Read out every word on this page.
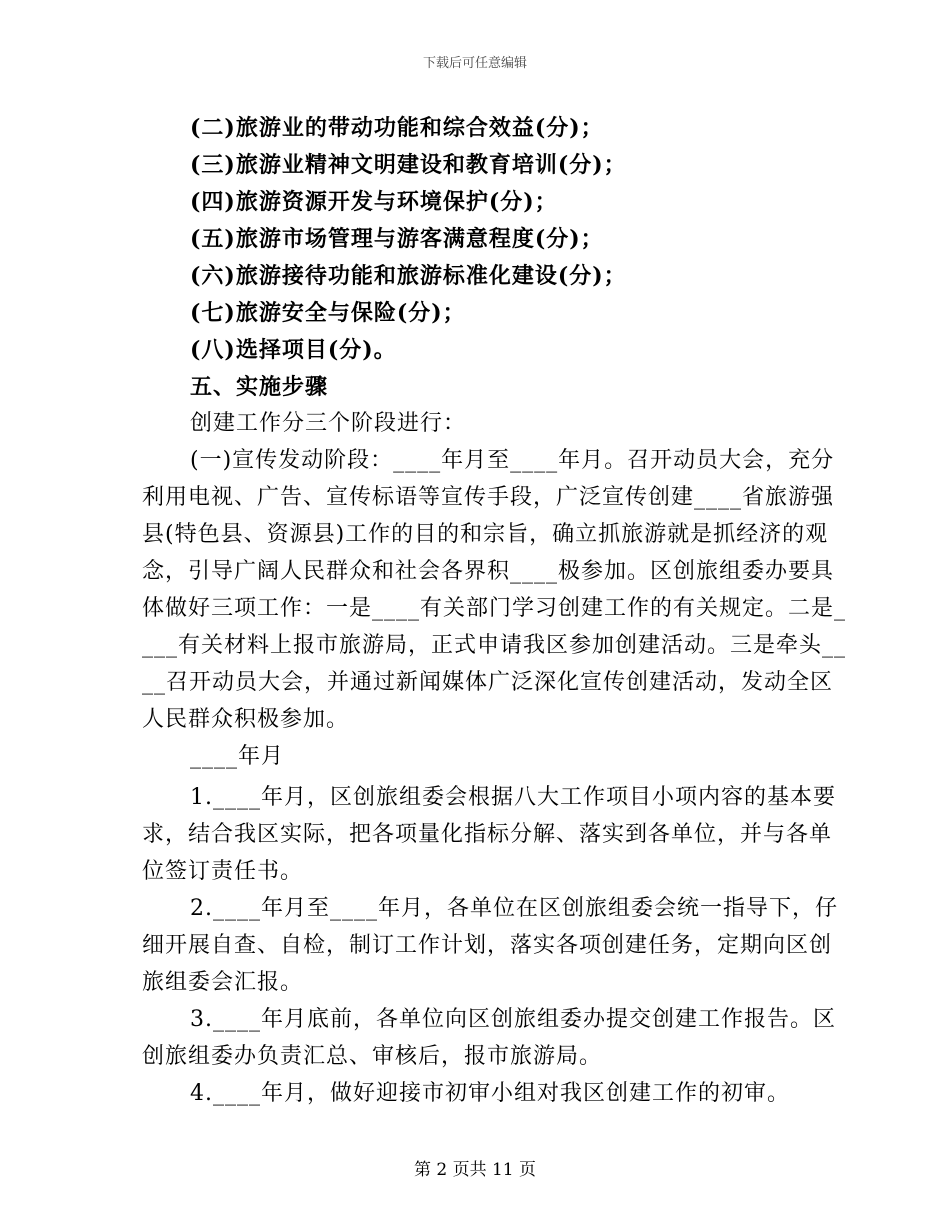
下载后可任意编辑
(二)旅游业的带动功能和综合效益(分)；
(三)旅游业精神文明建设和教育培训(分)；
(四)旅游资源开发与环境保护(分)；
(五)旅游市场管理与游客满意程度(分)；
(六)旅游接待功能和旅游标准化建设(分)；
(七)旅游安全与保险(分)；
(八)选择项目(分)。
五、实施步骤
创建工作分三个阶段进行：
(一)宣传发动阶段：____年月至____年月。召开动员大会，充分
利用电视、广告、宣传标语等宣传手段，广泛宣传创建____省旅游强
县(特色县、资源县)工作的目的和宗旨，确立抓旅游就是抓经济的观
念，引导广阔人民群众和社会各界积____极参加。区创旅组委办要具
体做好三项工作：一是____有关部门学习创建工作的有关规定。二是_
___有关材料上报市旅游局，正式申请我区参加创建活动。三是牵头__
__召开动员大会，并通过新闻媒体广泛深化宣传创建活动，发动全区
人民群众积极参加。
____年月
1.____年月，区创旅组委会根据八大工作项目小项内容的基本要
求，结合我区实际，把各项量化指标分解、落实到各单位，并与各单
位签订责任书。
2.____年月至____年月，各单位在区创旅组委会统一指导下，仔
细开展自查、自检，制订工作计划，落实各项创建任务，定期向区创
旅组委会汇报。
3.____年月底前，各单位向区创旅组委办提交创建工作报告。区
创旅组委办负责汇总、审核后，报市旅游局。
4.____年月，做好迎接市初审小组对我区创建工作的初审。
第 2 页共 11 页
